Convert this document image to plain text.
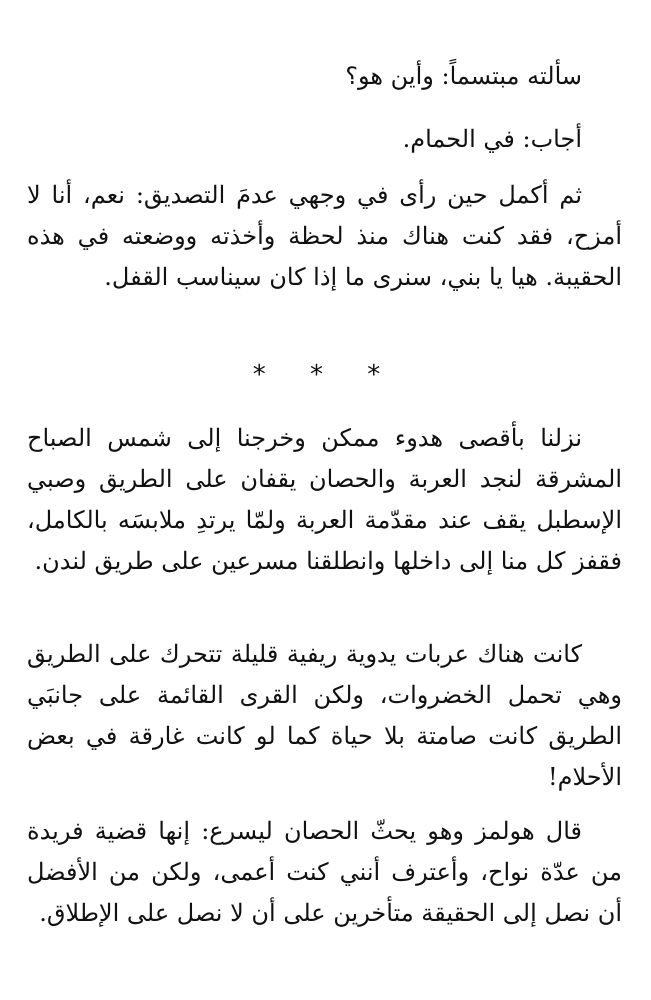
سألته مبتسماً: وأين هو؟

أجاب: في الحمام.

ثم أكمل حين رأى في وجهي عدمَ التصديق: نعم، أنا لا أمزح، فقد كنت هناك منذ لحظة وأخذته ووضعته في هذه الحقيبة. هيا يا بني، سنرى ما إذا كان سيناسب القفل.

* * *

نزلنا بأقصى هدوء ممكن وخرجنا إلى شمس الصباح المشرقة لنجد العربة والحصان يقفان على الطريق وصبي الإسطبل يقف عند مقدّمة العربة ولمّا يرتدِ ملابسَه بالكامل، فقفز كل منا إلى داخلها وانطلقنا مسرعين على طريق لندن.

كانت هناك عربات يدوية ريفية قليلة تتحرك على الطريق وهي تحمل الخضروات، ولكن القرى القائمة على جانبَي الطريق كانت صامتة بلا حياة كما لو كانت غارقة في بعض الأحلام!

قال هولمز وهو يحثّ الحصان ليسرع: إنها قضية فريدة من عدّة نواح، وأعترف أنني كنت أعمى، ولكن من الأفضل أن نصل إلى الحقيقة متأخرين على أن لا نصل على الإطلاق.
